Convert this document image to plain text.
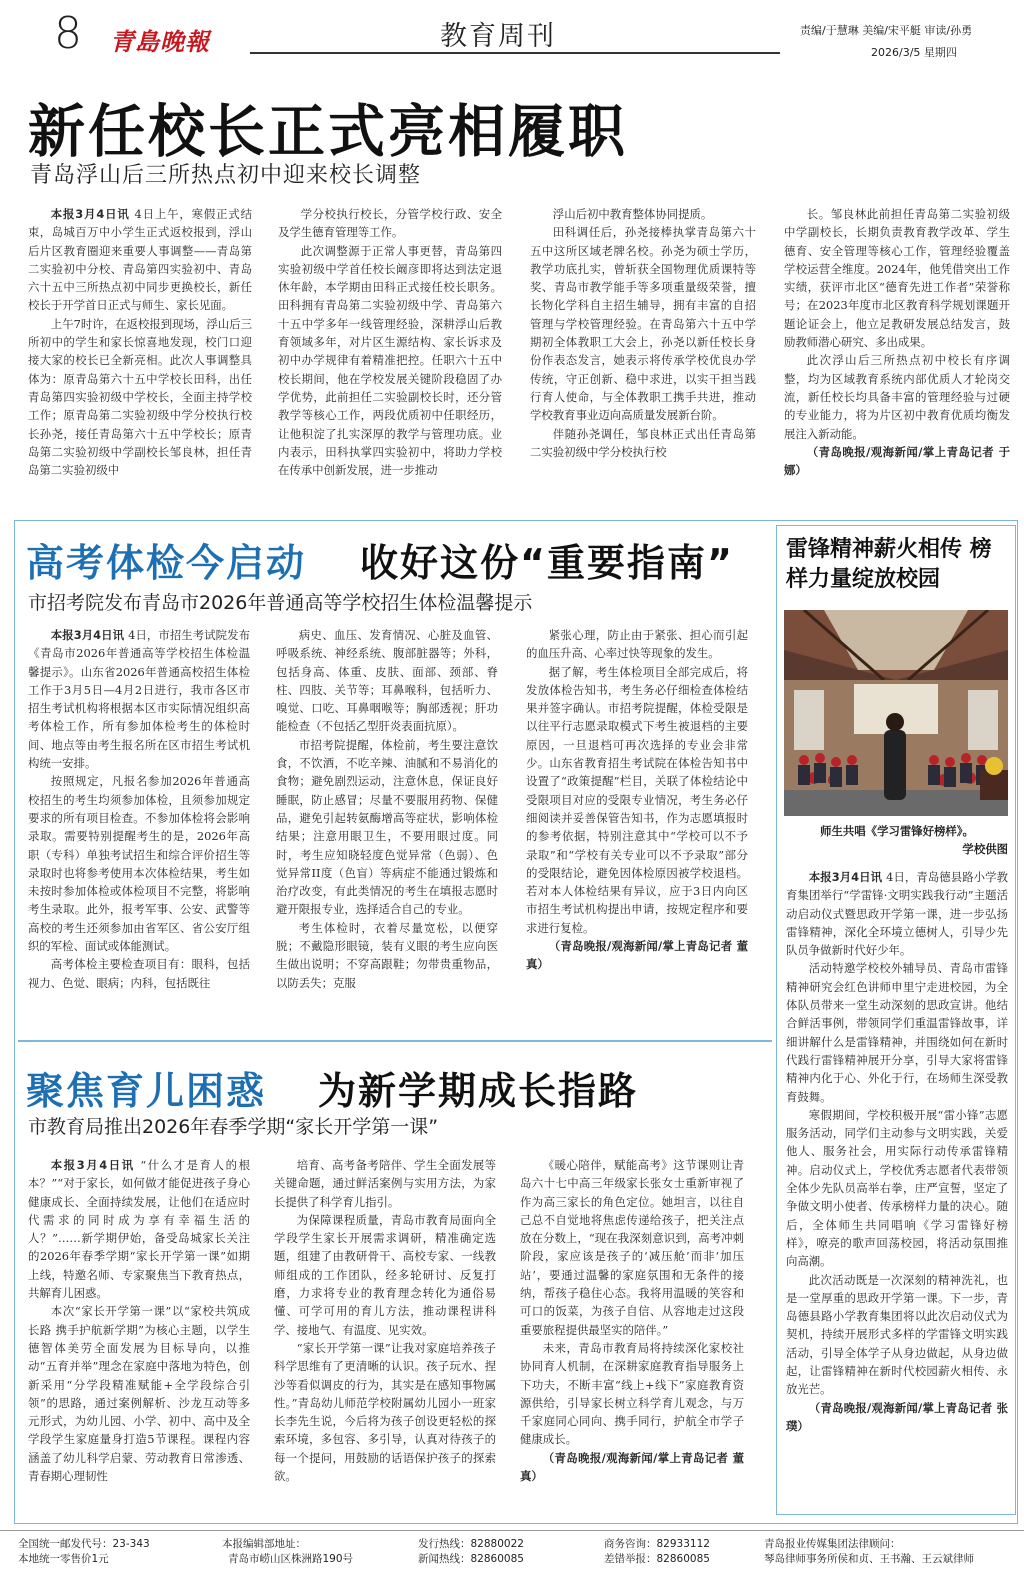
8 青島晚報	教育周刊	责编/于慧琳 美编/宋平艇 审读/孙勇
2026/3/5 星期四
新任校长正式亮相履职
青岛浮山后三所热点初中迎来校长调整

本报3月4日讯 4日上午，寒假正式结束，岛城百万中小学生正式返校报到，浮山后片区教育圈迎来重要人事调整——青岛第二实验初中分校、青岛第四实验初中、青岛六十五中三所热点初中同步更换校长，新任校长于开学首日正式与师生、家长见面。

上午7时许，在返校报到现场，浮山后三所初中的学生和家长惊喜地发现，校门口迎接大家的校长已全新亮相。此次人事调整具体为：原青岛第六十五中学校长田科，出任青岛第四实验初级中学校长，全面主持学校工作；原青岛第二实验初级中学分校执行校长孙尧，接任青岛第六十五中学校长；原青岛第二实验初级中学副校长邹良林，担任青岛第二实验初级中

学分校执行校长，分管学校行政、安全及学生德育管理等工作。

此次调整源于正常人事更替，青岛第四实验初级中学首任校长阚彦即将达到法定退休年龄，本学期由田科正式接任校长职务。田科拥有青岛第二实验初级中学、青岛第六十五中学多年一线管理经验，深耕浮山后教育领域多年，对片区生源结构、家长诉求及初中办学规律有着精准把控。任职六十五中校长期间，他在学校发展关键阶段稳固了办学优势，此前担任二实验副校长时，还分管教学等核心工作，两段优质初中任职经历，让他积淀了扎实深厚的教学与管理功底。业内表示，田科执掌四实验初中，将助力学校在传承中创新发展，进一步推动

浮山后初中教育整体协同提质。

田科调任后，孙尧接棒执掌青岛第六十五中这所区域老牌名校。孙尧为硕士学历，教学功底扎实，曾斩获全国物理优质课特等奖、青岛市教学能手等多项重量级荣誉，擅长物化学科自主招生辅导，拥有丰富的自招管理与学校管理经验。在青岛第六十五中学期初全体教职工大会上，孙尧以新任校长身份作表态发言，她表示将传承学校优良办学传统，守正创新、稳中求进，以实干担当践行育人使命，与全体教职工携手共进，推动学校教育事业迈向高质量发展新台阶。

伴随孙尧调任，邹良林正式出任青岛第二实验初级中学分校执行校

长。邹良林此前担任青岛第二实验初级中学副校长，长期负责教育教学改革、学生德育、安全管理等核心工作，管理经验覆盖学校运营全维度。2024年，他凭借突出工作实绩，获评市北区“德育先进工作者”荣誉称号；在2023年度市北区教育科学规划课题开题论证会上，他立足教研发展总结发言，鼓励教师潜心研究、多出成果。

此次浮山后三所热点初中校长有序调整，均为区域教育系统内部优质人才轮岗交流，新任校长均具备丰富的管理经验与过硬的专业能力，将为片区初中教育优质均衡发展注入新动能。

（青岛晚报/观海新闻/掌上青岛记者 于娜）

高考体检今启动 收好这份“重要指南”
市招考院发布青岛市2026年普通高等学校招生体检温馨提示

本报3月4日讯 4日，市招生考试院发布《青岛市2026年普通高等学校招生体检温馨提示》。山东省2026年普通高校招生体检工作于3月5日—4月2日进行，我市各区市招生考试机构将根据本区市实际情况组织高考体检工作，所有参加体检考生的体检时间、地点等由考生报名所在区市招生考试机构统一安排。

按照规定，凡报名参加2026年普通高校招生的考生均须参加体检，且须参加规定要求的所有项目检查。不参加体检将会影响录取。需要特别提醒考生的是，2026年高职（专科）单独考试招生和综合评价招生等录取时也将参考使用本次体检结果，考生如未按时参加体检或体检项目不完整，将影响考生录取。此外，报考军事、公安、武警等高校的考生还须参加由省军区、省公安厅组织的军检、面试或体能测试。

高考体检主要检查项目有：眼科，包括视力、色觉、眼病；内科，包括既往

病史、血压、发育情况、心脏及血管、呼吸系统、神经系统、腹部脏器等；外科，包括身高、体重、皮肤、面部、颈部、脊柱、四肢、关节等；耳鼻喉科，包括听力、嗅觉、口吃、耳鼻咽喉等；胸部透视；肝功能检查（不包括乙型肝炎表面抗原）。

市招考院提醒，体检前，考生要注意饮食，不饮酒，不吃辛辣、油腻和不易消化的食物；避免剧烈运动，注意休息，保证良好睡眠，防止感冒；尽量不要服用药物、保健品，避免引起转氨酶增高等症状，影响体检结果；注意用眼卫生，不要用眼过度。同时，考生应知晓轻度色觉异常（色弱）、色觉异常II度（色盲）等病症不能通过锻炼和治疗改变，有此类情况的考生在填报志愿时避开限报专业，选择适合自己的专业。

考生体检时，衣着尽量宽松，以便穿脱；不戴隐形眼镜，装有义眼的考生应向医生做出说明；不穿高跟鞋；勿带贵重物品，以防丢失；克服

紧张心理，防止由于紧张、担心而引起的血压升高、心率过快等现象的发生。

据了解，考生体检项目全部完成后，将发放体检告知书，考生务必仔细检查体检结果并签字确认。市招考院提醒，体检受限是以往平行志愿录取模式下考生被退档的主要原因，一旦退档可再次选择的专业会非常少。山东省教育招生考试院在体检告知书中设置了“政策提醒”栏目，关联了体检结论中受限项目对应的受限专业情况，考生务必仔细阅读并妥善保管告知书，作为志愿填报时的参考依据，特别注意其中“学校可以不予录取”和“学校有关专业可以不予录取”部分的受限结论，避免因体检原因被学校退档。若对本人体检结果有异议，应于3日内向区市招生考试机构提出申请，按规定程序和要求进行复检。

（青岛晚报/观海新闻/掌上青岛记者 董真）

聚焦育儿困惑 为新学期成长指路
市教育局推出2026年春季学期“家长开学第一课”

本报3月4日讯 “什么才是育人的根本？”“对于家长，如何做才能促进孩子身心健康成长、全面持续发展，让他们在适应时代需求的同时成为享有幸福生活的人？”……新学期伊始，备受岛城家长关注的2026年春季学期“家长开学第一课”如期上线，特邀名师、专家聚焦当下教育热点，共解育儿困惑。

本次“家长开学第一课”以“家校共筑成长路 携手护航新学期”为核心主题，以学生德智体美劳全面发展为目标导向，以推动“五育并举”理念在家庭中落地为特色，创新采用“分学段精准赋能+全学段综合引领”的思路，通过案例解析、沙龙互动等多元形式，为幼儿园、小学、初中、高中及全学段学生家庭量身打造5节课程。课程内容涵盖了幼儿科学启蒙、劳动教育日常渗透、青春期心理韧性

培育、高考备考陪伴、学生全面发展等关键命题，通过鲜活案例与实用方法，为家长提供了科学育儿指引。

为保障课程质量，青岛市教育局面向全学段学生家长开展需求调研，精准确定选题，组建了由教研骨干、高校专家、一线教师组成的工作团队，经多轮研讨、反复打磨，力求将专业的教育理念转化为通俗易懂、可学可用的育儿方法，推动课程讲科学、接地气、有温度、见实效。

“家长开学第一课”让我对家庭培养孩子科学思维有了更清晰的认识。孩子玩水、捏沙等看似调皮的行为，其实是在感知事物属性。”青岛幼儿师范学校附属幼儿园小一班家长李先生说，今后将为孩子创设更轻松的探索环境，多包容、多引导，认真对待孩子的每一个提问，用鼓励的话语保护孩子的探索欲。

《暖心陪伴，赋能高考》这节课则让青岛六十七中高三年级家长张女士重新审视了作为高三家长的角色定位。她坦言，以往自己总不自觉地将焦虑传递给孩子，把关注点放在分数上，“现在我深刻意识到，高考冲刺阶段，家应该是孩子的‘减压舱’而非‘加压站’，要通过温馨的家庭氛围和无条件的接纳，帮孩子稳住心态。我将用温暖的笑容和可口的饭菜，为孩子自信、从容地走过这段重要旅程提供最坚实的陪伴。”

未来，青岛市教育局将持续深化家校社协同育人机制，在深耕家庭教育指导服务上下功夫，不断丰富“线上+线下”家庭教育资源供给，引导家长树立科学育儿观念，与万千家庭同心同向、携手同行，护航全市学子健康成长。

（青岛晚报/观海新闻/掌上青岛记者 董真）

雷锋精神薪火相传 榜样力量绽放校园
师生共唱《学习雷锋好榜样》。
学校供图

本报3月4日讯 4日，青岛德县路小学教育集团举行“学雷锋·文明实践我行动”主题活动启动仪式暨思政开学第一课，进一步弘扬雷锋精神，深化全环境立德树人，引导少先队员争做新时代好少年。

活动特邀学校校外辅导员、青岛市雷锋精神研究会红色讲师申里宁走进校园，为全体队员带来一堂生动深刻的思政宣讲。他结合鲜活事例，带领同学们重温雷锋故事，详细讲解什么是雷锋精神，并围绕如何在新时代践行雷锋精神展开分享，引导大家将雷锋精神内化于心、外化于行，在场师生深受教育鼓舞。

寒假期间，学校积极开展“雷小锋”志愿服务活动，同学们主动参与文明实践，关爱他人、服务社会，用实际行动传承雷锋精神。启动仪式上，学校优秀志愿者代表带领全体少先队员高举右拳，庄严宣誓，坚定了争做文明小使者、传承榜样力量的决心。随后，全体师生共同唱响《学习雷锋好榜样》，嘹亮的歌声回荡校园，将活动氛围推向高潮。

此次活动既是一次深刻的精神洗礼，也是一堂厚重的思政开学第一课。下一步，青岛德县路小学教育集团将以此次启动仪式为契机，持续开展形式多样的学雷锋文明实践活动，引导全体学子从身边做起，从身边做起，让雷锋精神在新时代校园薪火相传、永放光芒。

（青岛晚报/观海新闻/掌上青岛记者 张璞）

全国统一邮发代号：23-343
本地统一零售价1元
本报编辑部地址：
青岛市崂山区株洲路190号
发行热线：82880022
新闻热线：82860085
商务咨询：82933112
差错举报：82860085
青岛报业传媒集团法律顾问：
琴岛律师事务所侯和贞、王书瀚、王云斌律师
